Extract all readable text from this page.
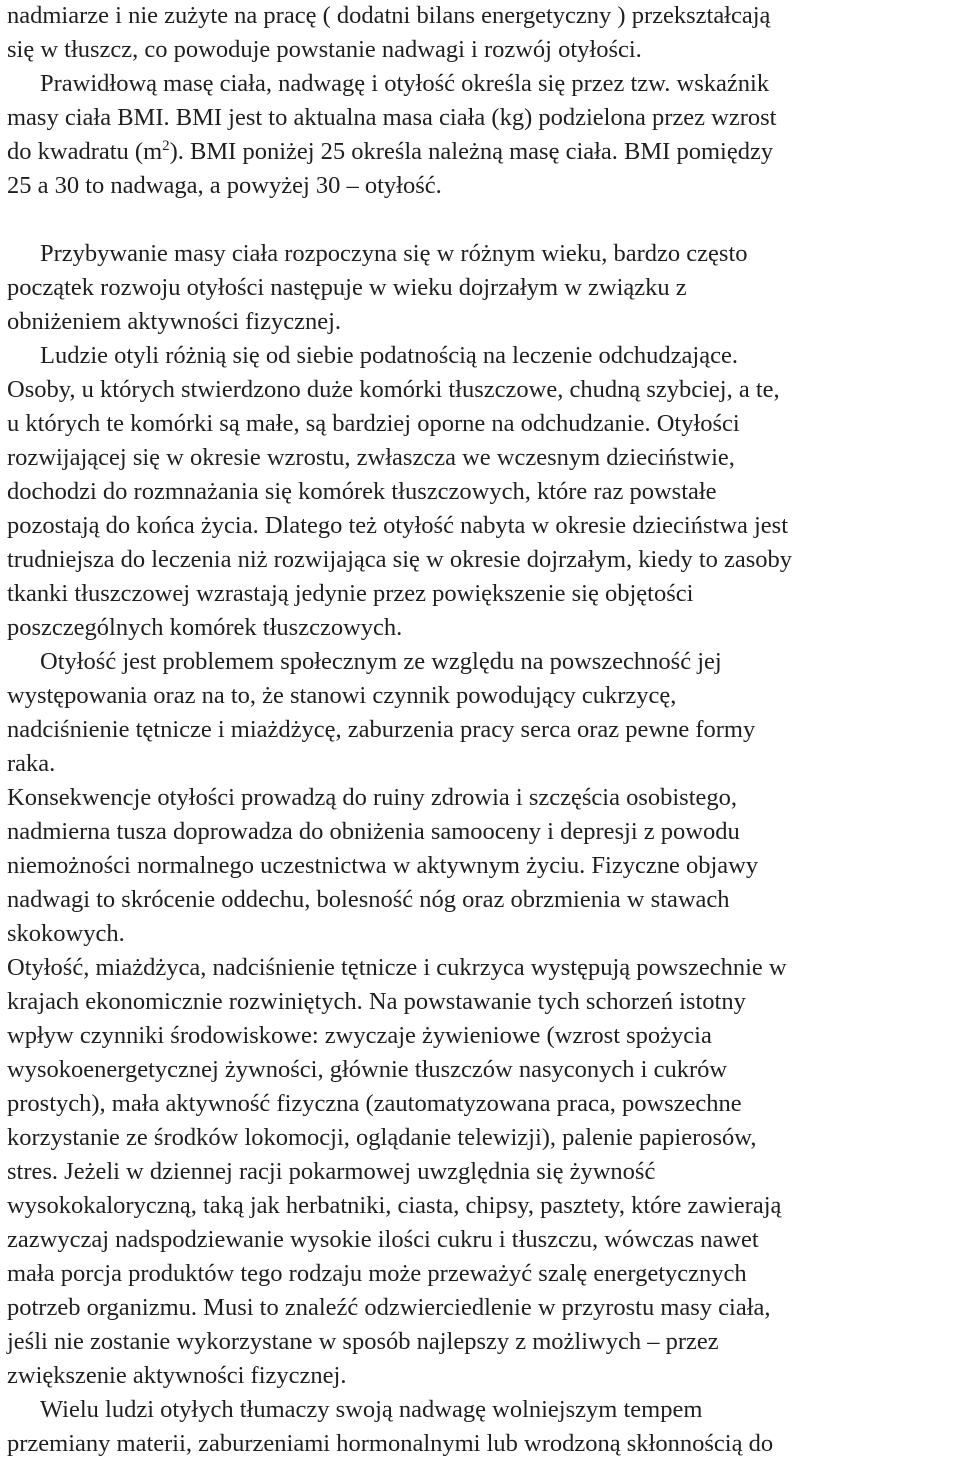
nadmiarze i nie zużyte na pracę ( dodatni bilans energetyczny ) przekształcają
się w tłuszcz, co powoduje powstanie nadwagi i rozwój otyłości.
Prawidłową masę ciała, nadwagę i otyłość określa się przez tzw. wskaźnik
masy ciała BMI. BMI jest to aktualna masa ciała (kg) podzielona przez wzrost
do kwadratu $(m^2)$. BMI poniżej 25 określa należną masę ciała. BMI pomiędzy
25 a 30 to nadwaga, a powyżej 30 – otyłość.
Przybywanie masy ciała rozpoczyna się w różnym wieku, bardzo często
początek rozwoju otyłości następuje w wieku dojrzałym w związku z
obniżeniem aktywności fizycznej.
Ludzie otyli różnią się od siebie podatnością na leczenie odchudzające.
Osoby, u których stwierdzono duże komórki tłuszczowe, chudną szybciej, a te,
u których te komórki są małe, są bardziej oporne na odchudzanie. Otyłości
rozwijającej się w okresie wzrostu, zwłaszcza we wczesnym dzieciństwie,
dochodzi do rozmnażania się komórek tłuszczowych, które raz powstałe
pozostają do końca życia. Dlatego też otyłość nabyta w okresie dzieciństwa jest
trudniejsza do leczenia niż rozwijająca się w okresie dojrzałym, kiedy to zasoby
tkanki tłuszczowej wzrastają jedynie przez powiększenie się objętości
poszczególnych komórek tłuszczowych.
Otyłość jest problemem społecznym ze względu na powszechność jej
występowania oraz na to, że stanowi czynnik powodujący cukrzycę,
nadciśnienie tętnicze i miażdżycę, zaburzenia pracy serca oraz pewne formy
raka.
Konsekwencje otyłości prowadzą do ruiny zdrowia i szczęścia osobistego,
nadmierna tusza doprowadza do obniżenia samooceny i depresji z powodu
niemożności normalnego uczestnictwa w aktywnym życiu. Fizyczne objawy
nadwagi to skrócenie oddechu, bolesność nóg oraz obrzmienia w stawach
skokowych.
Otyłość, miażdżyca, nadciśnienie tętnicze i cukrzyca występują powszechnie w
krajach ekonomicznie rozwiniętych. Na powstawanie tych schorzeń istotny
wpływ czynniki środowiskowe: zwyczaje żywieniowe (wzrost spożycia
wysokoenergetycznej żywności, głównie tłuszczów nasyconych i cukrów
prostych), mała aktywność fizyczna (zautomatyzowana praca, powszechne
korzystanie ze środków lokomocji, oglądanie telewizji), palenie papierosów,
stres. Jeżeli w dziennej racji pokarmowej uwzględnia się żywność
wysokokaloryczną, taką jak herbatniki, ciasta, chipsy, pasztety, które zawierają
zazwyczaj nadspodziewanie wysokie ilości cukru i tłuszczu, wówczas nawet
mała porcja produktów tego rodzaju może przeważyć szalę energetycznych
potrzeb organizmu. Musi to znaleźć odzwierciedlenie w przyrostu masy ciała,
jeśli nie zostanie wykorzystane w sposób najlepszy z możliwych – przez
zwiększenie aktywności fizycznej.
Wielu ludzi otyłych tłumaczy swoją nadwagę wolniejszym tempem
przemiany materii, zaburzeniami hormonalnymi lub wrodzoną skłonnością do
